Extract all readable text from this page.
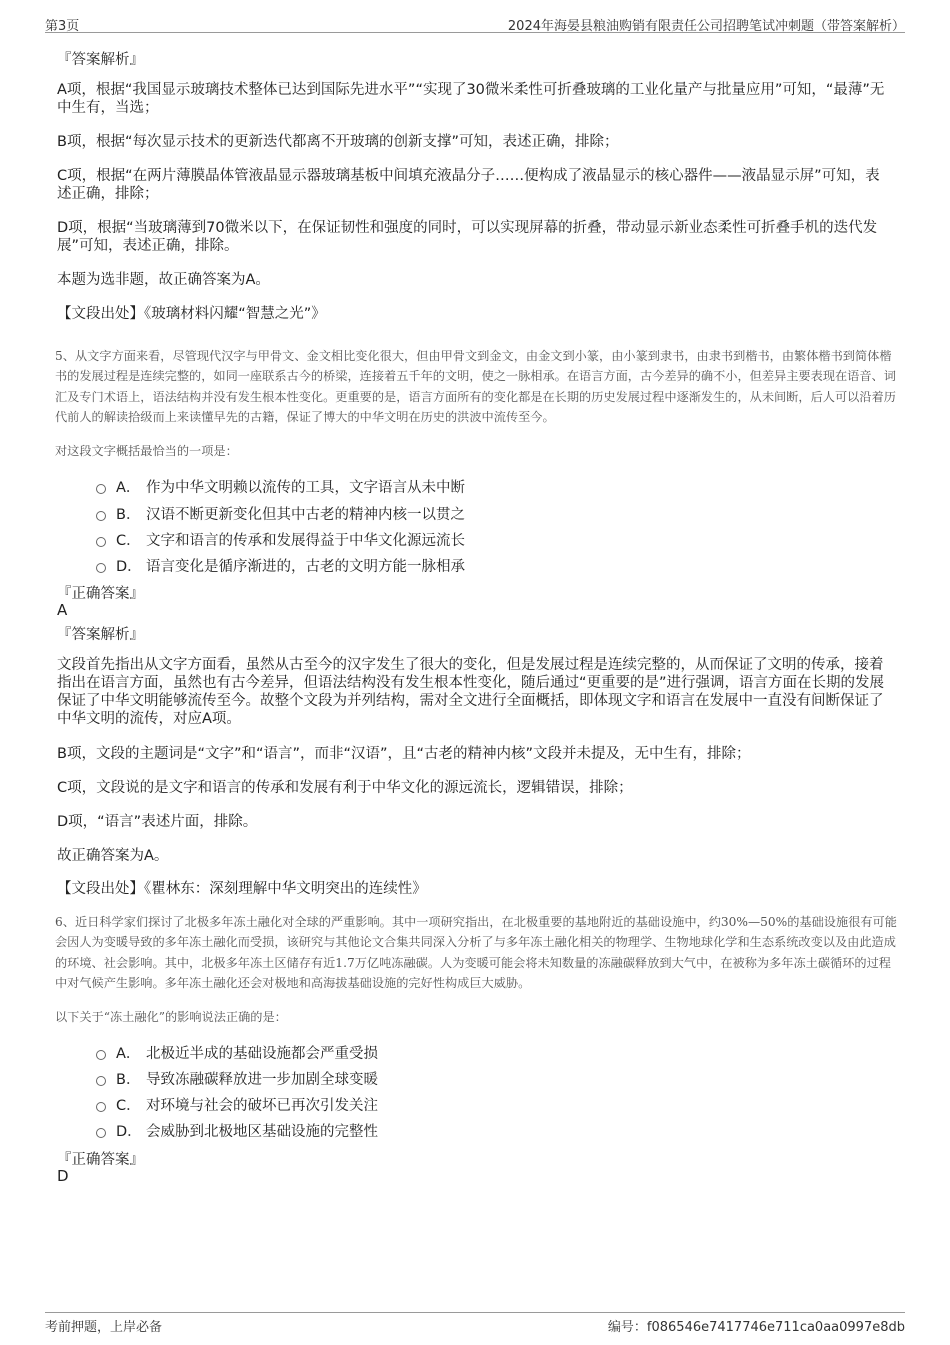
第3页	2024年海晏县粮油购销有限责任公司招聘笔试冲刺题（带答案解析）

『答案解析』

A项，根据“我国显示玻璃技术整体已达到国际先进水平”“实现了30微米柔性可折叠玻璃的工业化量产与批量应用”可知，“最薄”无中生有，当选；

B项，根据“每次显示技术的更新迭代都离不开玻璃的创新支撑”可知，表述正确，排除；

C项，根据“在两片薄膜晶体管液晶显示器玻璃基板中间填充液晶分子……便构成了液晶显示的核心器件——液晶显示屏”可知，表述正确，排除；

D项，根据“当玻璃薄到70微米以下，在保证韧性和强度的同时，可以实现屏幕的折叠，带动显示新业态柔性可折叠手机的迭代发展”可知，表述正确，排除。

本题为选非题，故正确答案为A。

【文段出处】《玻璃材料闪耀“智慧之光”》

5、从文字方面来看，尽管现代汉字与甲骨文、金文相比变化很大，但由甲骨文到金文，由金文到小篆，由小篆到隶书，由隶书到楷书，由繁体楷书到简体楷书的发展过程是连续完整的，如同一座联系古今的桥梁，连接着五千年的文明，使之一脉相承。在语言方面，古今差异的确不小，但差异主要表现在语音、词汇及专门术语上，语法结构并没有发生根本性变化。更重要的是，语言方面所有的变化都是在长期的历史发展过程中逐渐发生的，从未间断，后人可以沿着历代前人的解读拾级而上来读懂早先的古籍，保证了博大的中华文明在历史的洪波中流传至今。

对这段文字概括最恰当的一项是：

A． 作为中华文明赖以流传的工具，文字语言从未中断
B． 汉语不断更新变化但其中古老的精神内核一以贯之
C． 文字和语言的传承和发展得益于中华文化源远流长
D． 语言变化是循序渐进的，古老的文明方能一脉相承

『正确答案』

A

『答案解析』

文段首先指出从文字方面看，虽然从古至今的汉字发生了很大的变化，但是发展过程是连续完整的，从而保证了文明的传承，接着指出在语言方面，虽然也有古今差异，但语法结构没有发生根本性变化，随后通过“更重要的是”进行强调，语言方面在长期的发展保证了中华文明能够流传至今。故整个文段为并列结构，需对全文进行全面概括，即体现文字和语言在发展中一直没有间断保证了中华文明的流传，对应A项。

B项，文段的主题词是“文字”和“语言”，而非“汉语”，且“古老的精神内核”文段并未提及，无中生有，排除；

C项，文段说的是文字和语言的传承和发展有利于中华文化的源远流长，逻辑错误，排除；

D项，“语言”表述片面，排除。

故正确答案为A。

【文段出处】《瞿林东：深刻理解中华文明突出的连续性》

6、近日科学家们探讨了北极多年冻土融化对全球的严重影响。其中一项研究指出，在北极重要的基地附近的基础设施中，约30%—50%的基础设施很有可能会因人为变暖导致的多年冻土融化而受损，该研究与其他论文合集共同深入分析了与多年冻土融化相关的物理学、生物地球化学和生态系统改变以及由此造成的环境、社会影响。其中，北极多年冻土区储存有近1.7万亿吨冻融碳。人为变暖可能会将未知数量的冻融碳释放到大气中，在被称为多年冻土碳循环的过程中对气候产生影响。多年冻土融化还会对极地和高海拔基础设施的完好性构成巨大威胁。

以下关于“冻土融化”的影响说法正确的是：

A． 北极近半成的基础设施都会严重受损
B． 导致冻融碳释放进一步加剧全球变暖
C． 对环境与社会的破坏已再次引发关注
D． 会威胁到北极地区基础设施的完整性

『正确答案』

D

考前押题，上岸必备	编号：f086546e7417746e711ca0aa0997e8db
